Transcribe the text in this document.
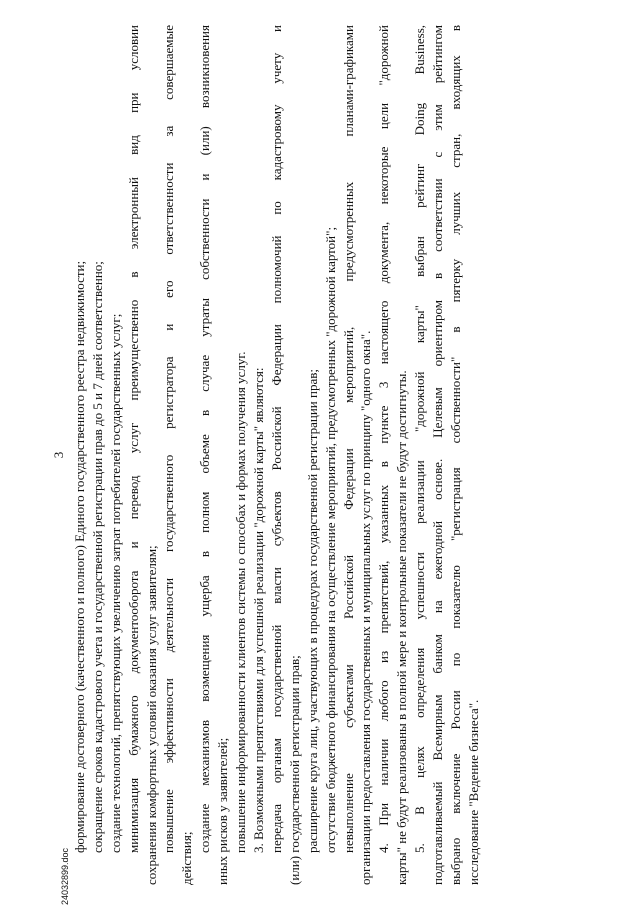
3 формирование достоверного (качественного и полного) Единого государственного реестра недвижимости; сокращение сроков кадастрового учета и государственной регистрации прав до 5 и 7 дней соответственно; создание технологий, препятствующих увеличению затрат потребителей государственных услуг; минимизация бумажного документооборота и перевод услуг преимущественно в электронный вид при условии сохранения комфортных условий оказания услуг заявителям; повышение эффективности деятельности государственного регистратора и его ответственности за совершаемые

действия;

создание механизмов возмещения ущерба в полном объеме в случае утраты собственности и (или) возникновения иных рисков у заявителей; повышение информированности клиентов системы о способах и формах получения услуг. 3. Возможными препятствиями для успешной реализации "дорожной карты" являются: передача органам государственной власти субъектов Российской Федерации полномочий по кадастровому учету и (или) государственной регистрации прав; расширение круга лиц, участвующих в процедурах государственной регистрации прав; отсутствие бюджетного финансирования на осуществление мероприятий, предусмотренных "дорожной картой"; невыполнение субъектами Российской Федерации мероприятий, предусмотренных планами-графиками организации предоставления государственных и муниципальных услуг по принципу "одного окна". 4. При наличии любого из препятствий, указанных в пункте 3 настоящего документа, некоторые цели "дорожной карты" не будут реализованы в полной мере и контрольные показатели не будут достигнуты. 5. В целях определения успешности реализации "дорожной карты" выбран рейтинг Doing Business, подготавливаемый Всемирным банком на ежегодной основе. Целевым ориентиром в соответствии с этим рейтингом выбрано включение России по показателю "регистрация собственности" в пятерку лучших стран, входящих в исследование "Ведение бизнеса".

24032899.doc
